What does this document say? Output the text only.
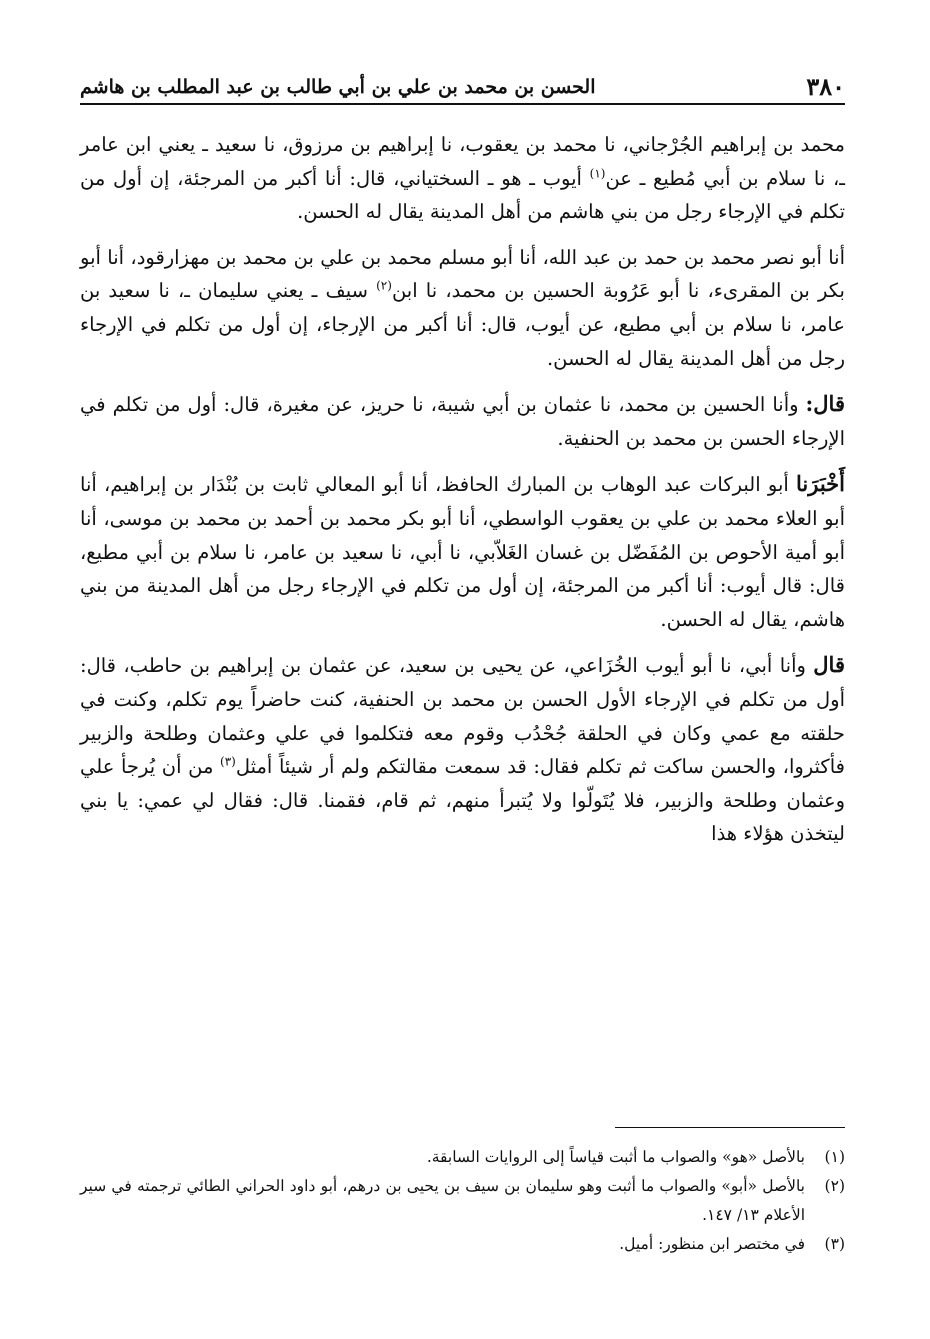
٣٨٠
الحسن بن محمد بن علي بن أبي طالب بن عبد المطلب بن هاشم

محمد بن إبراهيم الجُرْجاني، نا محمد بن يعقوب، نا إبراهيم بن مرزوق، نا سعيد ـ يعني ابن عامر ـ، نا سلام بن أبي مُطيع ـ عن$^{(١)}$ أيوب ـ هو ـ السختياني، قال: أنا أكبر من المرجئة، إن أول من تكلم في الإرجاء رجل من بني هاشم من أهل المدينة يقال له الحسن.

أنا أبو نصر محمد بن حمد بن عبد الله، أنا أبو مسلم محمد بن علي بن محمد بن مهزارقود، أنا أبو بكر بن المقرىء، نا أبو عَرُوبة الحسين بن محمد، نا ابن$^{(٢)}$ سيف ـ يعني سليمان ـ، نا سعيد بن عامر، نا سلام بن أبي مطيع، عن أيوب، قال: أنا أكبر من الإرجاء، إن أول من تكلم في الإرجاء رجل من أهل المدينة يقال له الحسن.

قال: وأنا الحسين بن محمد، نا عثمان بن أبي شيبة، نا حريز، عن مغيرة، قال: أول من تكلم في الإرجاء الحسن بن محمد بن الحنفية.

أَخْبَرَنا أبو البركات عبد الوهاب بن المبارك الحافظ، أنا أبو المعالي ثابت بن بُنْدَار بن إبراهيم، أنا أبو العلاء محمد بن علي بن يعقوب الواسطي، أنا أبو بكر محمد بن أحمد بن محمد بن موسى، أنا أبو أمية الأحوص بن المُفَضّل بن غسان الغَلاّبي، نا أبي، نا سعيد بن عامر، نا سلام بن أبي مطيع، قال: قال أيوب: أنا أكبر من المرجئة، إن أول من تكلم في الإرجاء رجل من أهل المدينة من بني هاشم، يقال له الحسن.

قال وأنا أبي، نا أبو أيوب الخُزَاعي، عن يحيى بن سعيد، عن عثمان بن إبراهيم بن حاطب، قال: أول من تكلم في الإرجاء الأول الحسن بن محمد بن الحنفية، كنت حاضراً يوم تكلم، وكنت في حلقته مع عمي وكان في الحلقة جُحْدُب وقوم معه فتكلموا في علي وعثمان وطلحة والزبير فأكثروا، والحسن ساكت ثم تكلم فقال: قد سمعت مقالتكم ولم أر شيئاً أمثل$^{(٣)}$ من أن يُرجأ علي وعثمان وطلحة والزبير، فلا يُتَولّوا ولا يُتبرأ منهم، ثم قام، فقمنا. قال: فقال لي عمي: يا بني ليتخذن هؤلاء هذا

(١)
بالأصل «هو» والصواب ما أثبت قياساً إلى الروايات السابقة.
(٢)
بالأصل «أبو» والصواب ما أثبت وهو سليمان بن سيف بن يحيى بن درهم، أبو داود الحراني الطائي ترجمته في سير الأعلام ١٣/ ١٤٧.
(٣)
في مختصر ابن منظور: أميل.
